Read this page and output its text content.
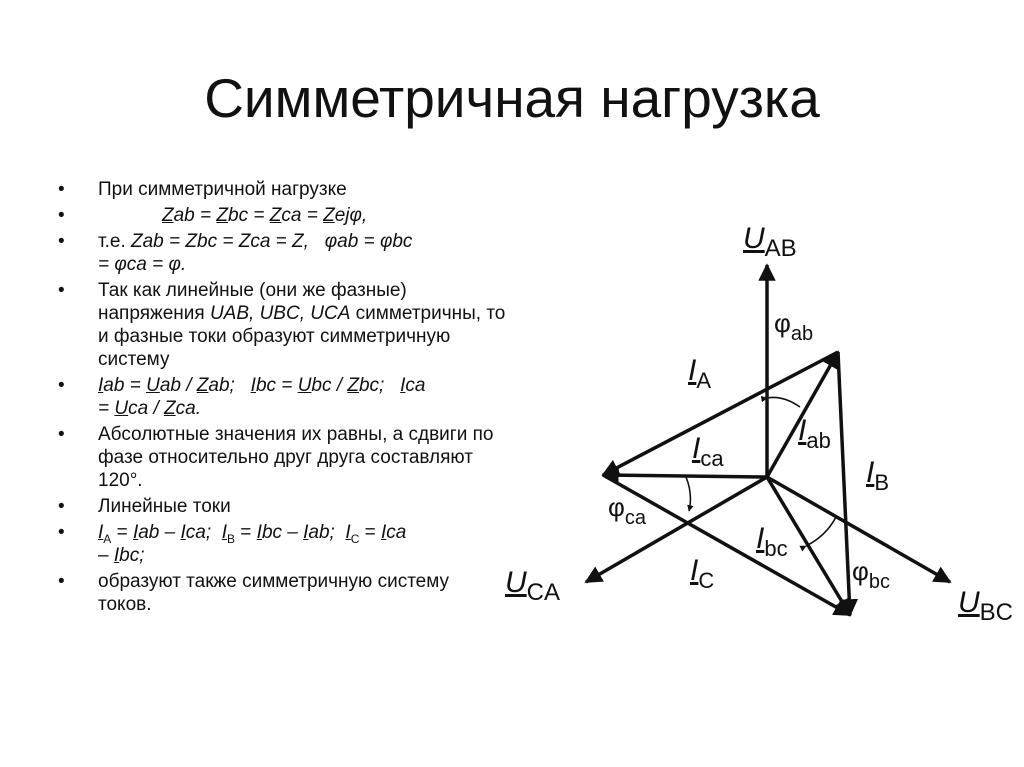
Симметричная нагрузка
• При симметричной нагрузке
•	Zab = Zbc = Zca = Zejφ,
• т.е. Zab = Zbc = Zca = Z, φab = φbc
= φca = φ.
• Так как линейные (они же фазные) напряжения UAB, UBC, UCA симметричны, то и фазные токи образуют симметричную систему
• Iab = Uab / Zab; Ibc = Ubc / Zbc; Ica
= Uca / Zca.
• Абсолютные значения их равны, а сдвиги по фазе относительно друг друга составляют 120°.
• Линейные токи
• $I_A$ = Iab – Ica; $I_B$ = Ibc – Iab; $I_C$ = Ica
– Ibc;
• образуют также симметричную систему токов.
$U_{AB}$
$U_{BC}$
$U_{CA}$
$I_A$
$I_B$
$I_C$
$I_{ab}$
$I_{bc}$
$I_{ca}$
$\varphi_{ab}$
$\varphi_{bc}$
$\varphi_{ca}$
